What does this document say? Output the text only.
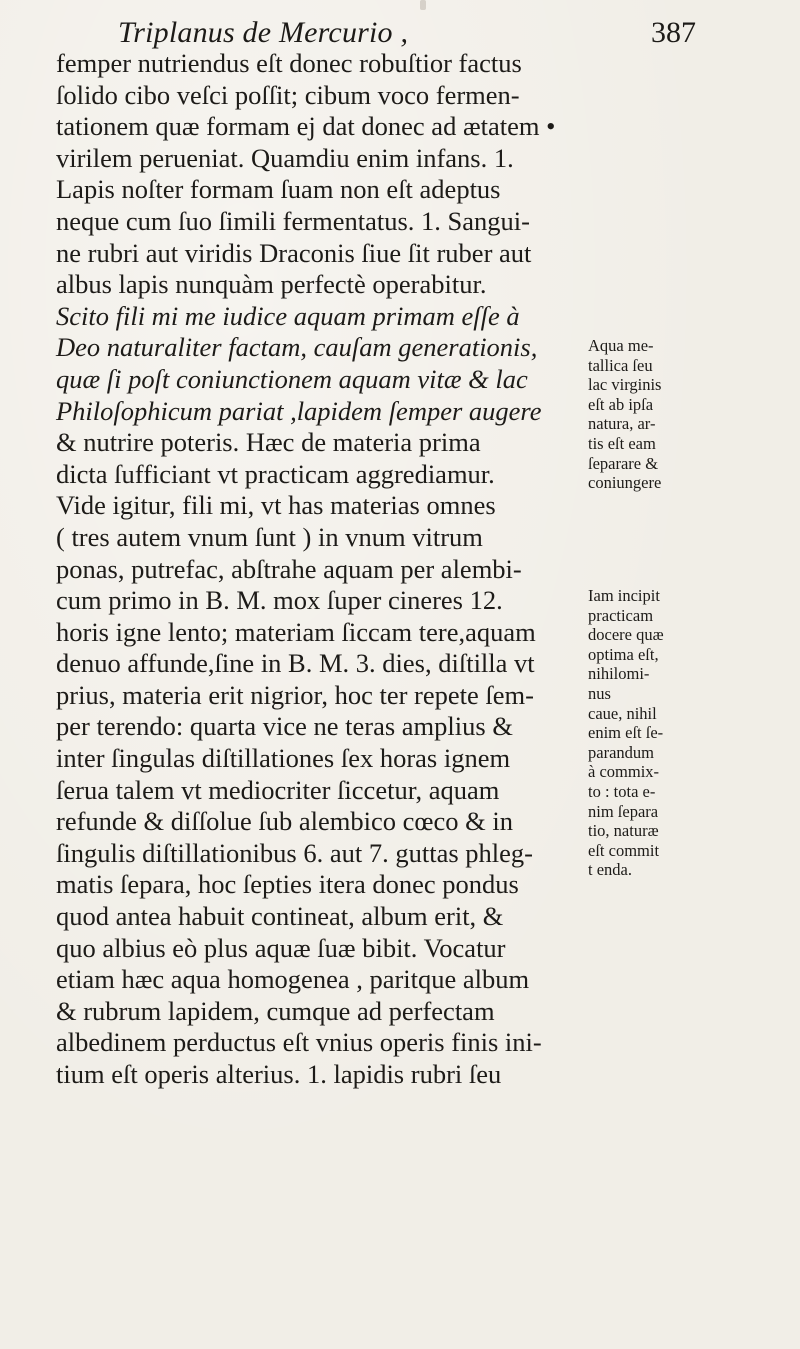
Triplanus de Mercurio ,	387
femper nutriendus eſt donec robuſtior factus
ſolido cibo veſci poſſit; cibum voco fermen-
tationem quæ formam ej dat donec ad ætatem •
virilem perueniat. Quamdiu enim infans. 1.
Lapis noſter formam ſuam non eſt adeptus
neque cum ſuo ſimili fermentatus. 1. Sangui-
ne rubri aut viridis Draconis ſiue ſit ruber aut
albus lapis nunquàm perfectè operabitur.
Scito fili mi me iudice aquam primam eſſe à
Deo naturaliter factam, cauſam generationis,
quæ ſi poſt coniunctionem aquam vitæ & lac
Philoſophicum pariat ,lapidem ſemper augere
& nutrire poteris. Hæc de materia prima
dicta ſufficiant vt practicam aggrediamur.
Vide igitur, fili mi, vt has materias omnes
( tres autem vnum ſunt ) in vnum vitrum
ponas, putrefac, abſtrahe aquam per alembi-
cum primo in B. M. mox ſuper cineres 12.
horis igne lento; materiam ſiccam tere,aquam
denuo affunde,ſine in B. M. 3. dies, diſtilla vt
prius, materia erit nigrior, hoc ter repete ſem-
per terendo: quarta vice ne teras amplius &
inter ſingulas diſtillationes ſex horas ignem
ſerua talem vt mediocriter ſiccetur, aquam
refunde & diſſolue ſub alembico cœco & in
ſingulis diſtillationibus 6. aut 7. guttas phleg-
matis ſepara, hoc ſepties itera donec pondus
quod antea habuit contineat, album erit, &
quo albius eò plus aquæ ſuæ bibit. Vocatur
etiam hæc aqua homogenea , paritque album
& rubrum lapidem, cumque ad perfectam
albedinem perductus eſt vnius operis finis ini-
tium eſt operis alterius. 1. lapidis rubri ſeu
Aqua me-
tallica ſeu
lac virginis
eſt ab ipſa
natura, ar-
tis eſt eam
ſeparare &
coniungere
Iam incipit
practicam
docere quæ
optima eſt,
nihilomi-
nus
caue, nihil
enim eſt ſe-
parandum
à commix-
to : tota e-
nim ſepara
tio, naturæ
eſt commit
t enda.
